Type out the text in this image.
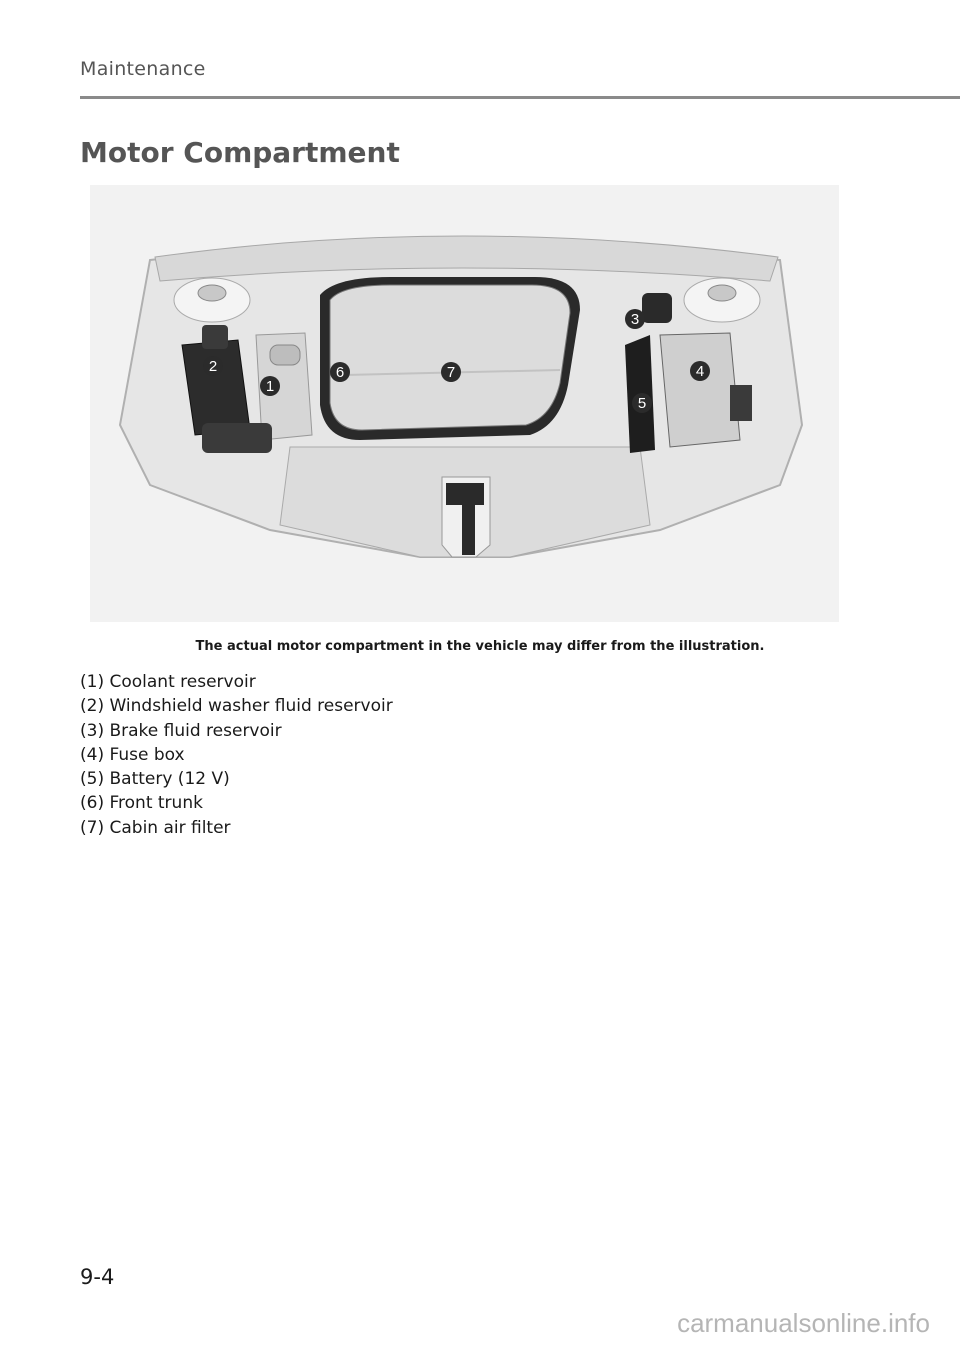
Maintenance
Motor Compartment
1
2
3
4
5
6	7
The actual motor compartment in the vehicle may differ from the illustration.
(1) Coolant reservoir
(2) Windshield washer fluid reservoir
(3) Brake fluid reservoir
(4) Fuse box
(5) Battery (12 V)
(6) Front trunk
(7) Cabin air filter
9-4
carmanualsonline.info
